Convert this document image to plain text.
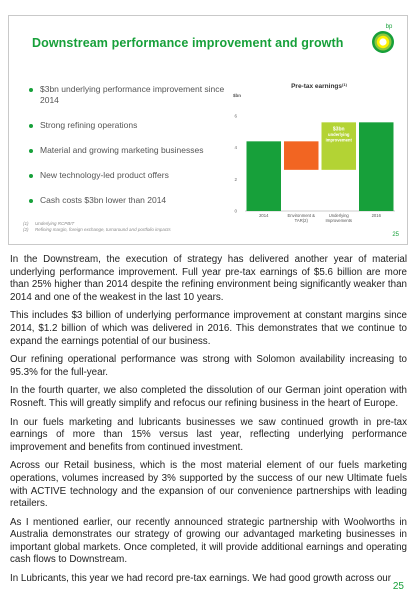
Downstream performance improvement and growth
bp
$3bn underlying performance improvement since 2014
Strong refining operations
Material and growing marketing businesses
New technology-led product offers
Cash costs $3bn lower than 2014
Pre-tax earnings$^{(1)}$
$bn
0
2
4
6
2014	Environment &
TAR(2)
Underlying
Improvements
2016
$3bn
underlying
improvement
(1) Underlying RCPBIT
(2) Refining margin, foreign exchange, turnaround and portfolio impacts
25

In the Downstream, the execution of strategy has delivered another year of material underlying performance improvement. Full year pre-tax earnings of $5.6 billion are more than 25% higher than 2014 despite the refining environment being significantly weaker than 2014 and one of the weakest in the last 10 years.

This includes $3 billion of underlying performance improvement at constant margins since 2014, $1.2 billion of which was delivered in 2016. This demonstrates that we continue to expand the earnings potential of our business.

Our refining operational performance was strong with Solomon availability increasing to 95.3% for the full-year.

In the fourth quarter, we also completed the dissolution of our German joint operation with Rosneft. This will greatly simplify and refocus our refining business in the heart of Europe.

In our fuels marketing and lubricants businesses we saw continued growth in pre-tax earnings of more than 15% versus last year, reflecting underlying performance improvement and benefits from continued investment.

Across our Retail business, which is the most material element of our fuels marketing operations, volumes increased by 3% supported by the success of our new Ultimate fuels with ACTIVE technology and the expansion of our convenience partnerships with leading retailers.

As I mentioned earlier, our recently announced strategic partnership with Woolworths in Australia demonstrates our strategy of growing our advantaged marketing businesses in important global markets. Once completed, it will provide additional earnings and operating cash flows to Downstream.

In Lubricants, this year we had record pre-tax earnings. We had good growth across our

25
